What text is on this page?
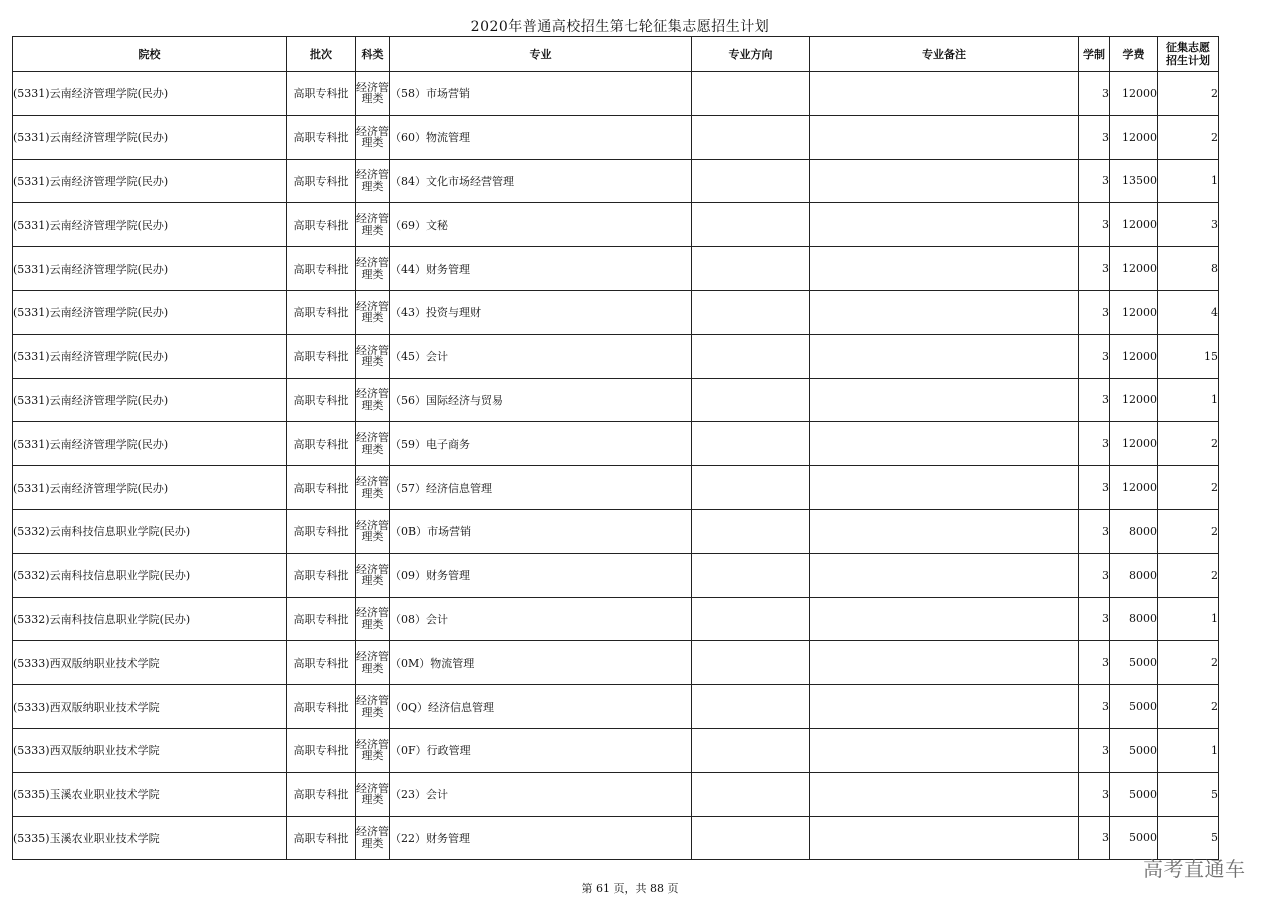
2020年普通高校招生第七轮征集志愿招生计划
院校	批次	科类	专业	专业方向	专业备注	学制	学费	征集志愿
招生计划
(5331)云南经济管理学院(民办)	高职专科批	经济管理类	（58）市场营销			3	12000	2
(5331)云南经济管理学院(民办)	高职专科批	经济管理类	（60）物流管理			3	12000	2
(5331)云南经济管理学院(民办)	高职专科批	经济管理类	（84）文化市场经营管理			3	13500	1
(5331)云南经济管理学院(民办)	高职专科批	经济管理类	（69）文秘			3	12000	3
(5331)云南经济管理学院(民办)	高职专科批	经济管理类	（44）财务管理			3	12000	8
(5331)云南经济管理学院(民办)	高职专科批	经济管理类	（43）投资与理财			3	12000	4
(5331)云南经济管理学院(民办)	高职专科批	经济管理类	（45）会计			3	12000	15
(5331)云南经济管理学院(民办)	高职专科批	经济管理类	（56）国际经济与贸易			3	12000	1
(5331)云南经济管理学院(民办)	高职专科批	经济管理类	（59）电子商务			3	12000	2
(5331)云南经济管理学院(民办)	高职专科批	经济管理类	（57）经济信息管理			3	12000	2
(5332)云南科技信息职业学院(民办)	高职专科批	经济管理类	（0B）市场营销			3	8000	2
(5332)云南科技信息职业学院(民办)	高职专科批	经济管理类	（09）财务管理			3	8000	2
(5332)云南科技信息职业学院(民办)	高职专科批	经济管理类	（08）会计			3	8000	1
(5333)西双版纳职业技术学院	高职专科批	经济管理类	（0M）物流管理			3	5000	2
(5333)西双版纳职业技术学院	高职专科批	经济管理类	（0Q）经济信息管理			3	5000	2
(5333)西双版纳职业技术学院	高职专科批	经济管理类	（0F）行政管理			3	5000	1
(5335)玉溪农业职业技术学院	高职专科批	经济管理类	（23）会计			3	5000	5
(5335)玉溪农业职业技术学院	高职专科批	经济管理类	（22）财务管理			3	5000	5
第 61 页，共 88 页
高考直通车
